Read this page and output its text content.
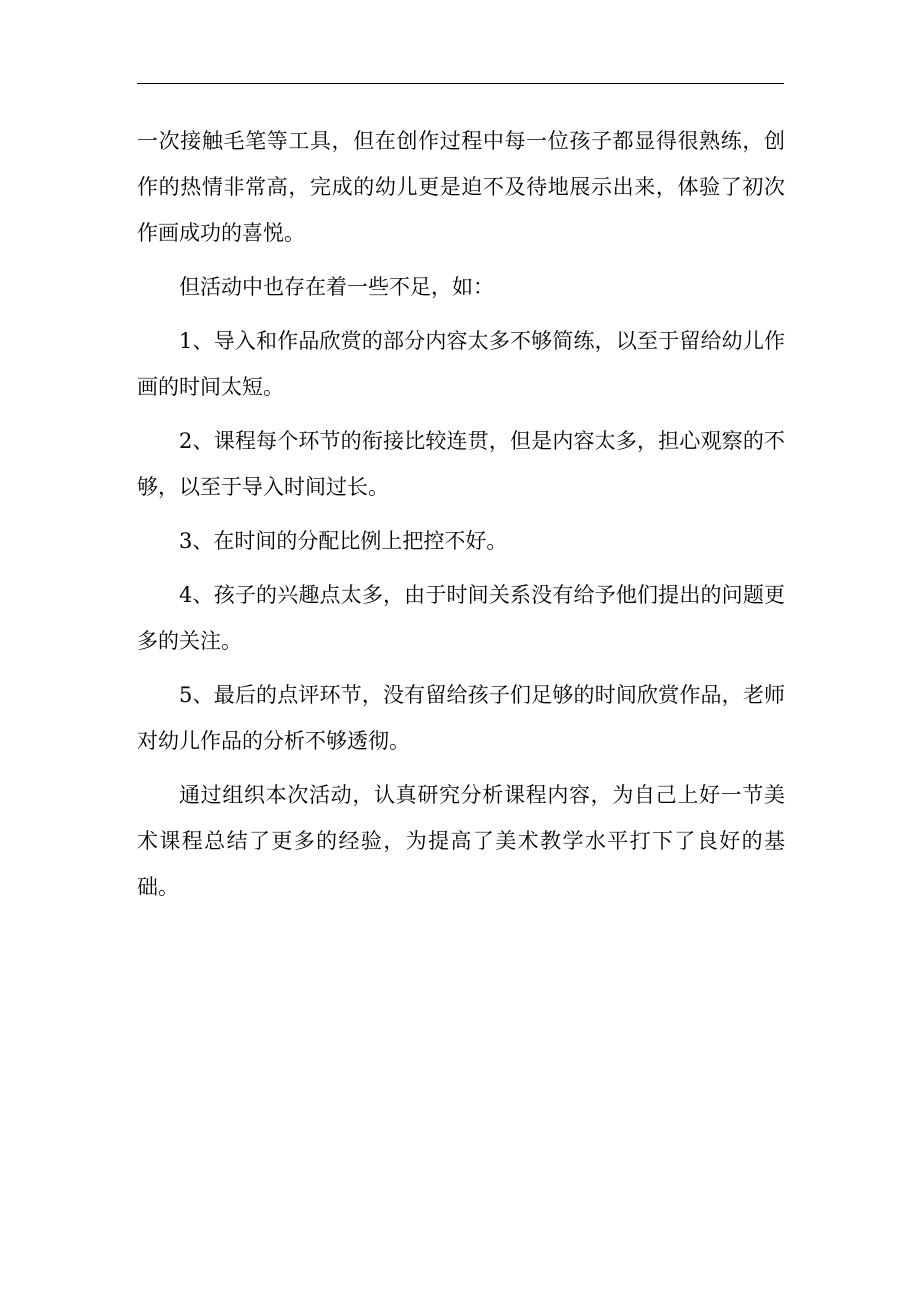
一次接触毛笔等工具，但在创作过程中每一位孩子都显得很熟练，创作的热情非常高，完成的幼儿更是迫不及待地展示出来，体验了初次作画成功的喜悦。

但活动中也存在着一些不足，如：

1、导入和作品欣赏的部分内容太多不够简练，以至于留给幼儿作画的时间太短。

2、课程每个环节的衔接比较连贯，但是内容太多，担心观察的不够，以至于导入时间过长。

3、在时间的分配比例上把控不好。

4、孩子的兴趣点太多，由于时间关系没有给予他们提出的问题更多的关注。

5、最后的点评环节，没有留给孩子们足够的时间欣赏作品，老师对幼儿作品的分析不够透彻。

通过组织本次活动，认真研究分析课程内容，为自己上好一节美术课程总结了更多的经验，为提高了美术教学水平打下了良好的基础。
